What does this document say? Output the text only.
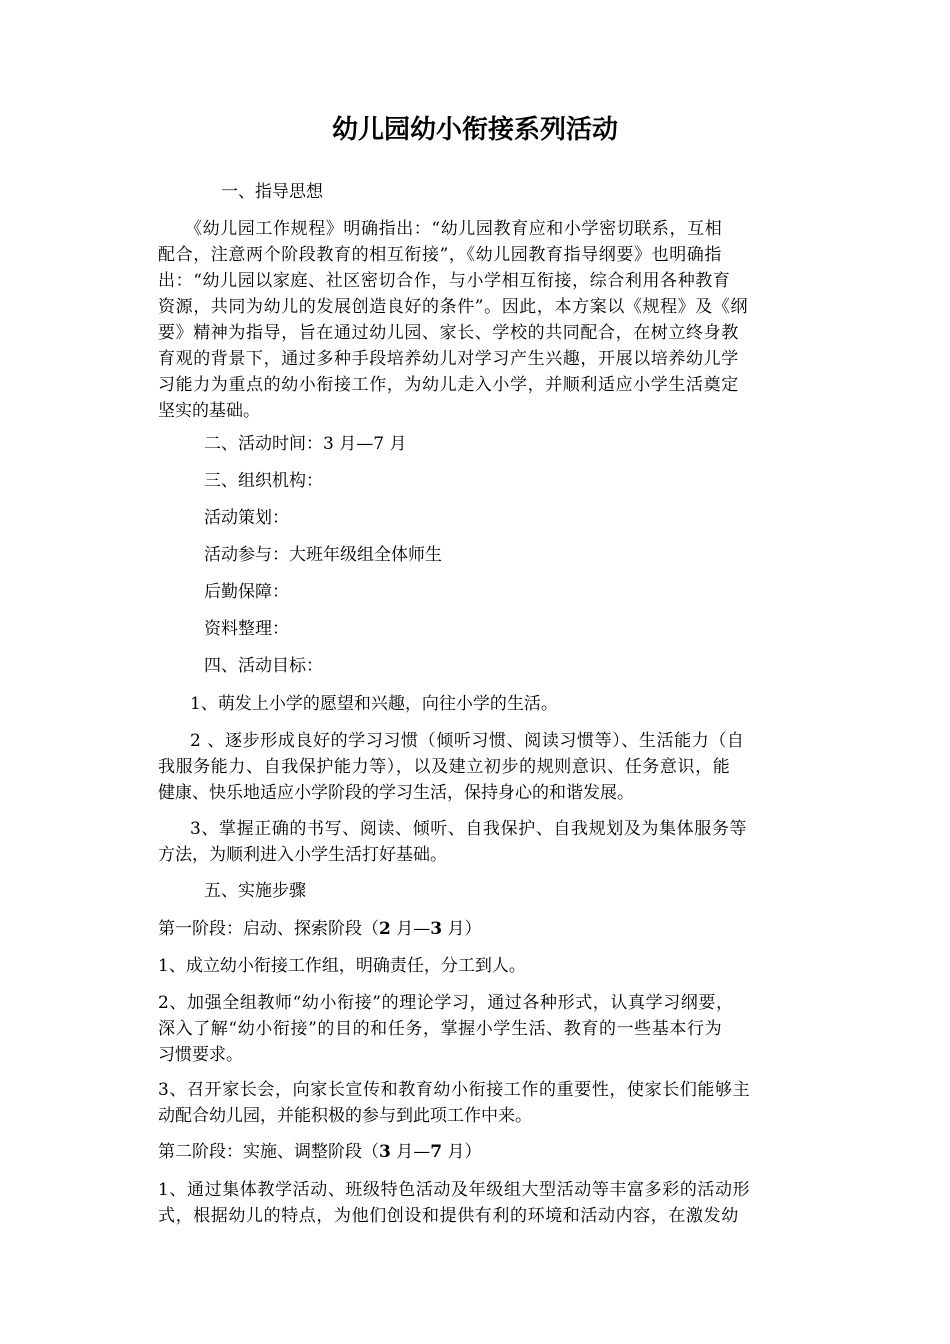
幼儿园幼小衔接系列活动
一、指导思想
《幼儿园工作规程》明确指出：“幼儿园教育应和小学密切联系，互相
配合，注意两个阶段教育的相互衔接”，《幼儿园教育指导纲要》也明确指
出：“幼儿园以家庭、社区密切合作，与小学相互衔接，综合利用各种教育
资源，共同为幼儿的发展创造良好的条件”。因此，本方案以《规程》及《纲
要》精神为指导，旨在通过幼儿园、家长、学校的共同配合，在树立终身教
育观的背景下，通过多种手段培养幼儿对学习产生兴趣，开展以培养幼儿学
习能力为重点的幼小衔接工作，为幼儿走入小学，并顺利适应小学生活奠定
坚实的基础。
二、活动时间：3 月—7 月
三、组织机构：
活动策划：
活动参与：大班年级组全体师生
后勤保障：
资料整理：
四、活动目标：
1、萌发上小学的愿望和兴趣，向往小学的生活。
2 、逐步形成良好的学习习惯（倾听习惯、阅读习惯等）、生活能力（自
我服务能力、自我保护能力等），以及建立初步的规则意识、任务意识，能
健康、快乐地适应小学阶段的学习生活，保持身心的和谐发展。
3、掌握正确的书写、阅读、倾听、自我保护、自我规划及为集体服务等
方法，为顺利进入小学生活打好基础。
五、实施步骤
第一阶段：启动、探索阶段（2 月—3 月）
1、成立幼小衔接工作组，明确责任，分工到人。
2、加强全组教师“幼小衔接”的理论学习，通过各种形式，认真学习纲要，
深入了解“幼小衔接”的目的和任务，掌握小学生活、教育的一些基本行为
习惯要求。
3、召开家长会，向家长宣传和教育幼小衔接工作的重要性，使家长们能够主
动配合幼儿园，并能积极的参与到此项工作中来。
第二阶段：实施、调整阶段（3 月—7 月）
1、通过集体教学活动、班级特色活动及年级组大型活动等丰富多彩的活动形
式，根据幼儿的特点，为他们创设和提供有利的环境和活动内容，在激发幼
